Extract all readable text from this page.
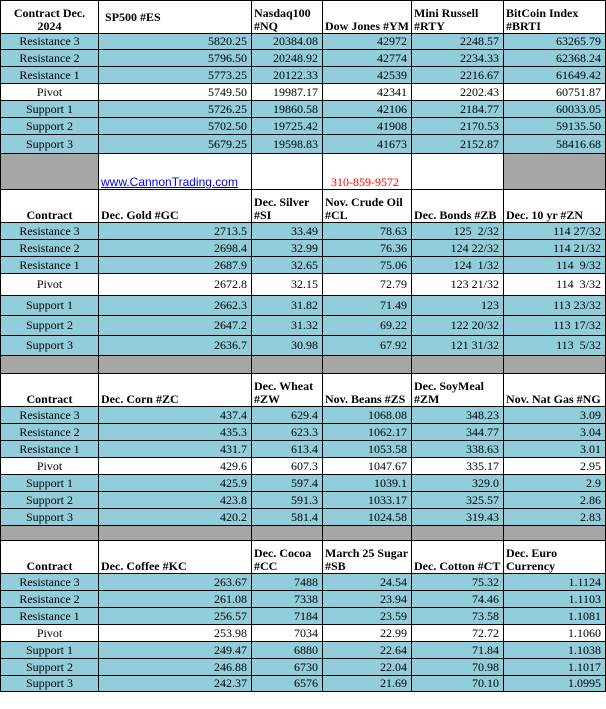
Contract Dec. 2024	SP500 #ES	Nasdaq100 #NQ	Dow Jones #YM	Mini Russell #RTY	BitCoin Index #BRTI
Resistance 3	5820.25	20384.08	42972	2248.57	63265.79
Resistance 2	5796.50	20248.92	42774	2234.33	62368.24
Resistance 1	5773.25	20122.33	42539	2216.67	61649.42
Pivot	5749.50	19987.17	42341	2202.43	60751.87
Support 1	5726.25	19860.58	42106	2184.77	60033.05
Support 2	5702.50	19725.42	41908	2170.53	59135.50
Support 3	5679.25	19598.83	41673	2152.87	58416.68
	www.CannonTrading.com		310-859-9572		
Contract	Dec. Gold #GC	Dec. Silver #SI	Nov. Crude Oil #CL	Dec. Bonds #ZB	Dec. 10 yr #ZN
Resistance 3	2713.5	33.49	78.63	125  2/32	114 27/32
Resistance 2	2698.4	32.99	76.36	124 22/32	114 21/32
Resistance 1	2687.9	32.65	75.06	124  1/32	114  9/32
Pivot	2672.8	32.15	72.79	123 21/32	114  3/32
Support 1	2662.3	31.82	71.49	123	113 23/32
Support 2	2647.2	31.32	69.22	122 20/32	113 17/32
Support 3	2636.7	30.98	67.92	121 31/32	113  5/32

Contract	Dec. Corn #ZC	Dec. Wheat #ZW	Nov. Beans #ZS	Dec. SoyMeal #ZM	Nov. Nat Gas #NG
Resistance 3	437.4	629.4	1068.08	348.23	3.09
Resistance 2	435.3	623.3	1062.17	344.77	3.04
Resistance 1	431.7	613.4	1053.58	338.63	3.01
Pivot	429.6	607.3	1047.67	335.17	2.95
Support 1	425.9	597.4	1039.1	329.0	2.9
Support 2	423.8	591.3	1033.17	325.57	2.86
Support 3	420.2	581.4	1024.58	319.43	2.83

Contract	Dec. Coffee #KC	Dec. Cocoa #CC	March 25 Sugar #SB	Dec. Cotton #CT	Dec. Euro Currency
Resistance 3	263.67	7488	24.54	75.32	1.1124
Resistance 2	261.08	7338	23.94	74.46	1.1103
Resistance 1	256.57	7184	23.59	73.58	1.1081
Pivot	253.98	7034	22.99	72.72	1.1060
Support 1	249.47	6880	22.64	71.84	1.1038
Support 2	246.88	6730	22.04	70.98	1.1017
Support 3	242.37	6576	21.69	70.10	1.0995
